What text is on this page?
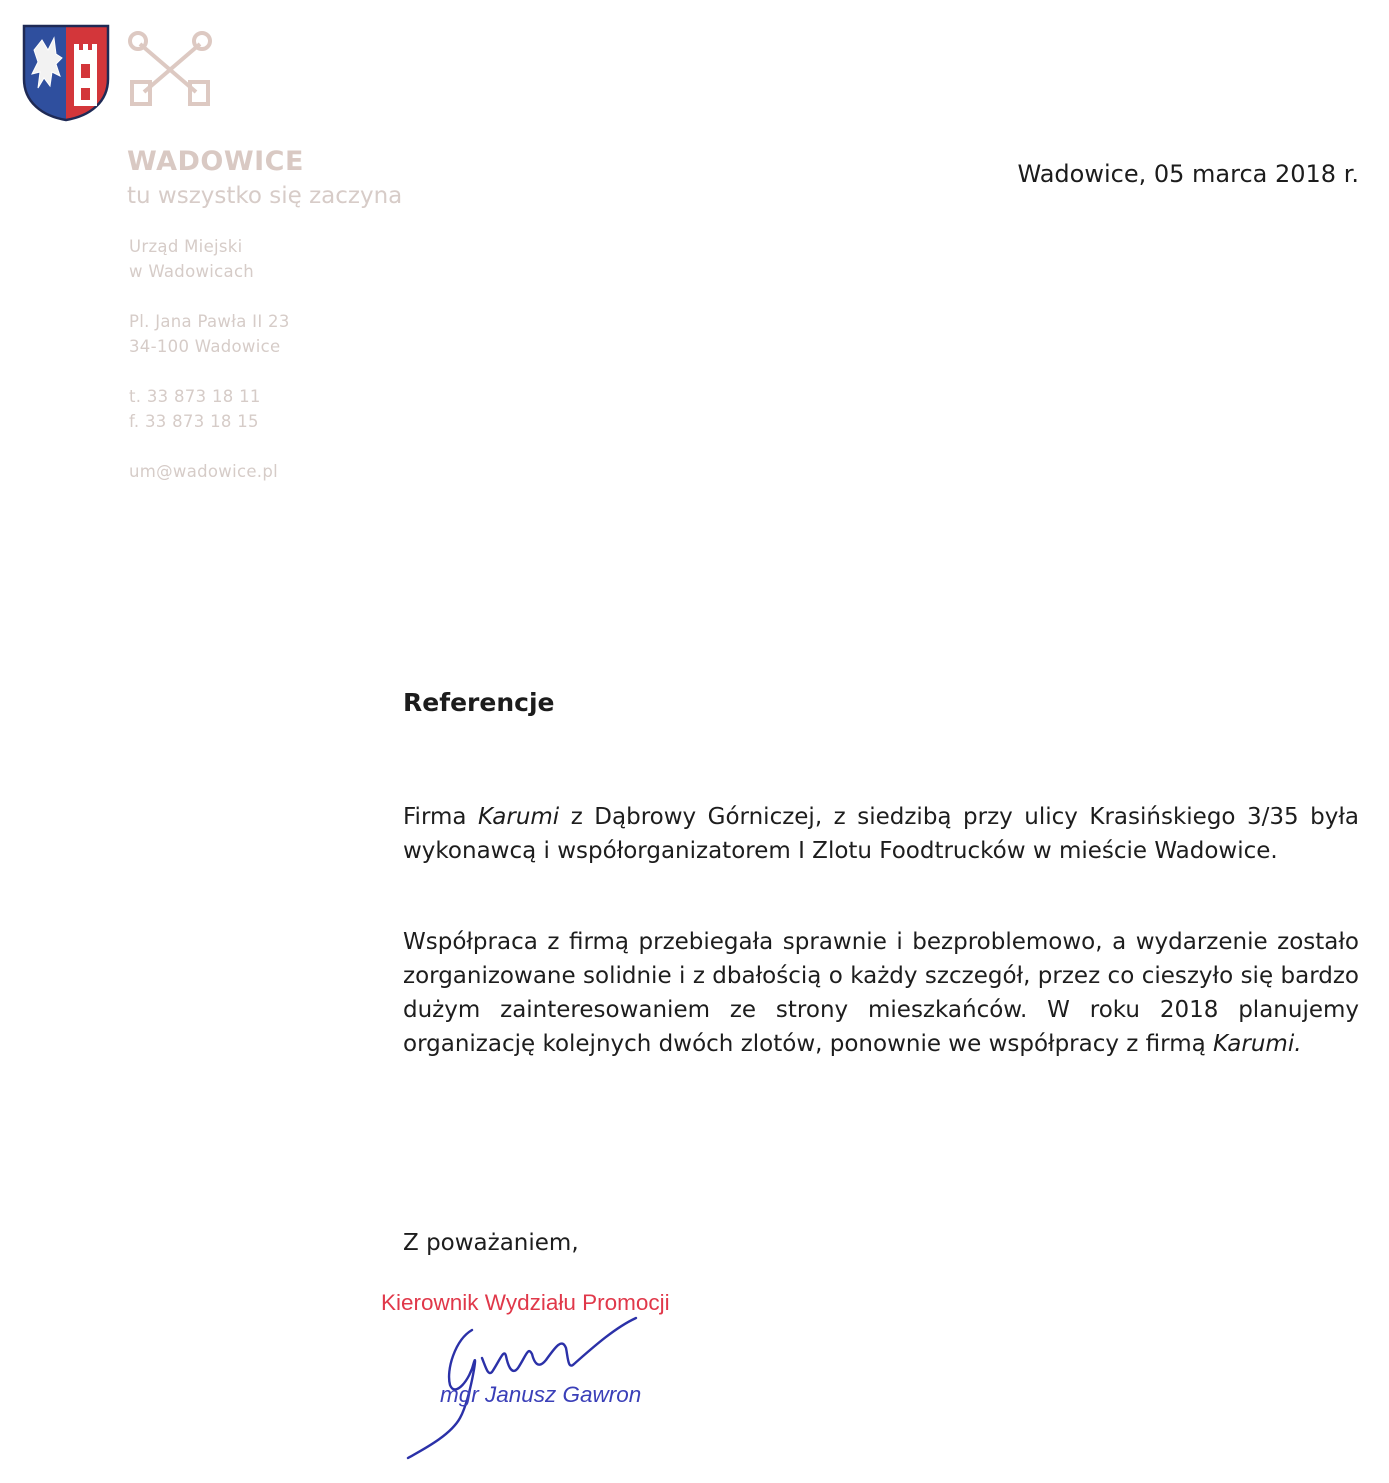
WADOWICE
tu wszystko się zaczyna
Urząd Miejski
w Wadowicach
Pl. Jana Pawła II 23
34-100 Wadowice
t. 33 873 18 11
f. 33 873 18 15
um@wadowice.pl
Wadowice, 05 marca 2018 r.
Referencje
Firma Karumi z Dąbrowy Górniczej, z siedzibą przy ulicy Krasińskiego 3/35 była wykonawcą i współorganizatorem I Zlotu Foodtrucków w mieście Wadowice.
Współpraca z firmą przebiegała sprawnie i bezproblemowo, a wydarzenie zostało zorganizowane solidnie i z dbałością o każdy szczegół, przez co cieszyło się bardzo dużym zainteresowaniem ze strony mieszkańców. W roku 2018 planujemy organizację kolejnych dwóch zlotów, ponownie we współpracy z firmą Karumi.
Z poważaniem,
Kierownik Wydziału Promocji
mgr Janusz Gawron
